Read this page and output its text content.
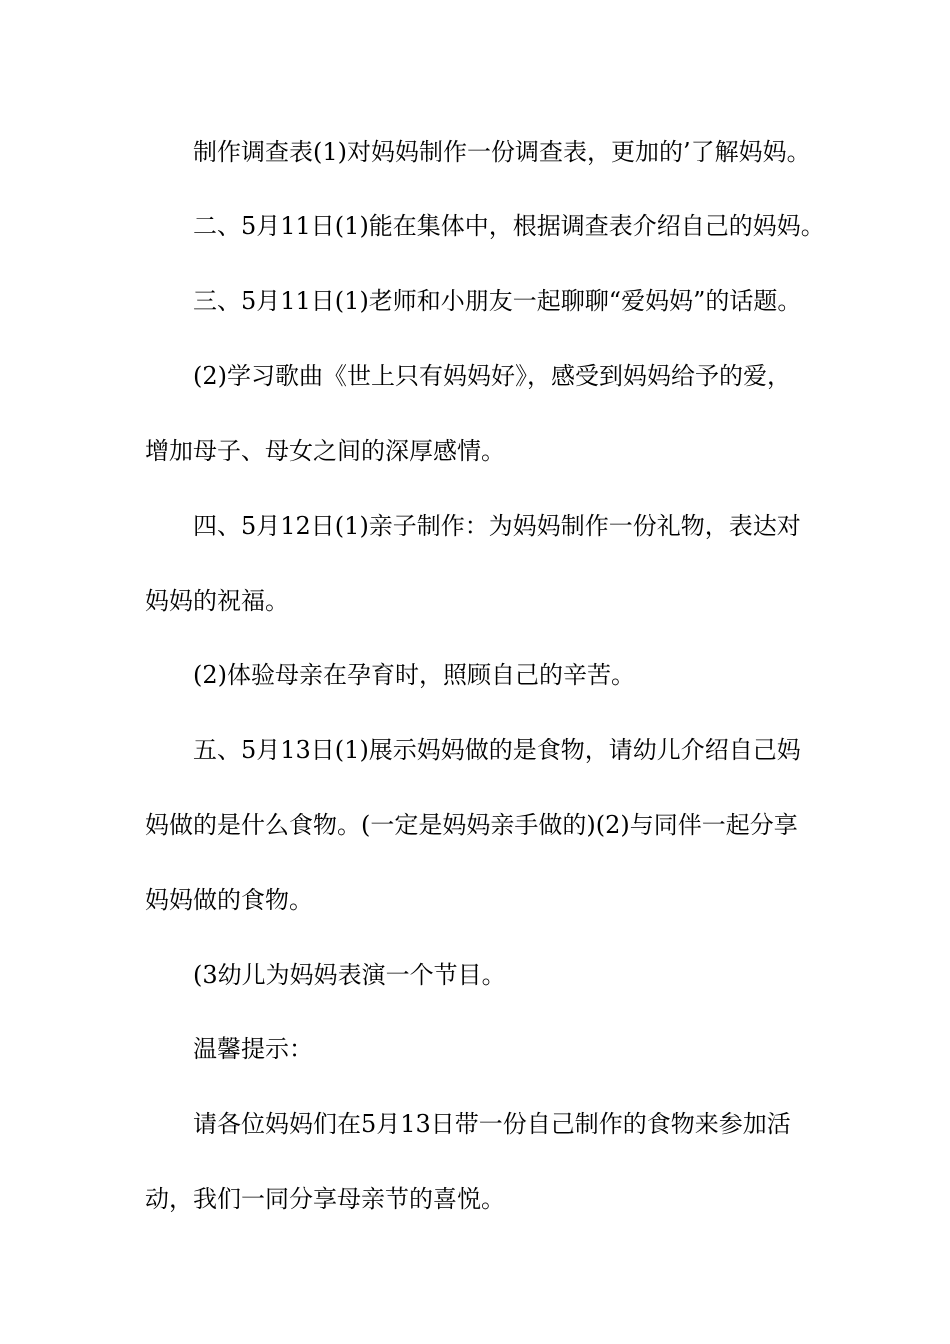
制作调查表(1)对妈妈制作一份调查表，更加的’了解妈妈。

二、5月11日(1)能在集体中，根据调查表介绍自己的妈妈。

三、5月11日(1)老师和小朋友一起聊聊“爱妈妈”的话题。

(2)学习歌曲《世上只有妈妈好》，感受到妈妈给予的爱，

增加母子、母女之间的深厚感情。

四、5月12日(1)亲子制作：为妈妈制作一份礼物，表达对

妈妈的祝福。

(2)体验母亲在孕育时，照顾自己的辛苦。

五、5月13日(1)展示妈妈做的是食物，请幼儿介绍自己妈

妈做的是什么食物。(一定是妈妈亲手做的)(2)与同伴一起分享

妈妈做的食物。

(3幼儿为妈妈表演一个节目。

温馨提示：

请各位妈妈们在5月13日带一份自己制作的食物来参加活

动，我们一同分享母亲节的喜悦。
